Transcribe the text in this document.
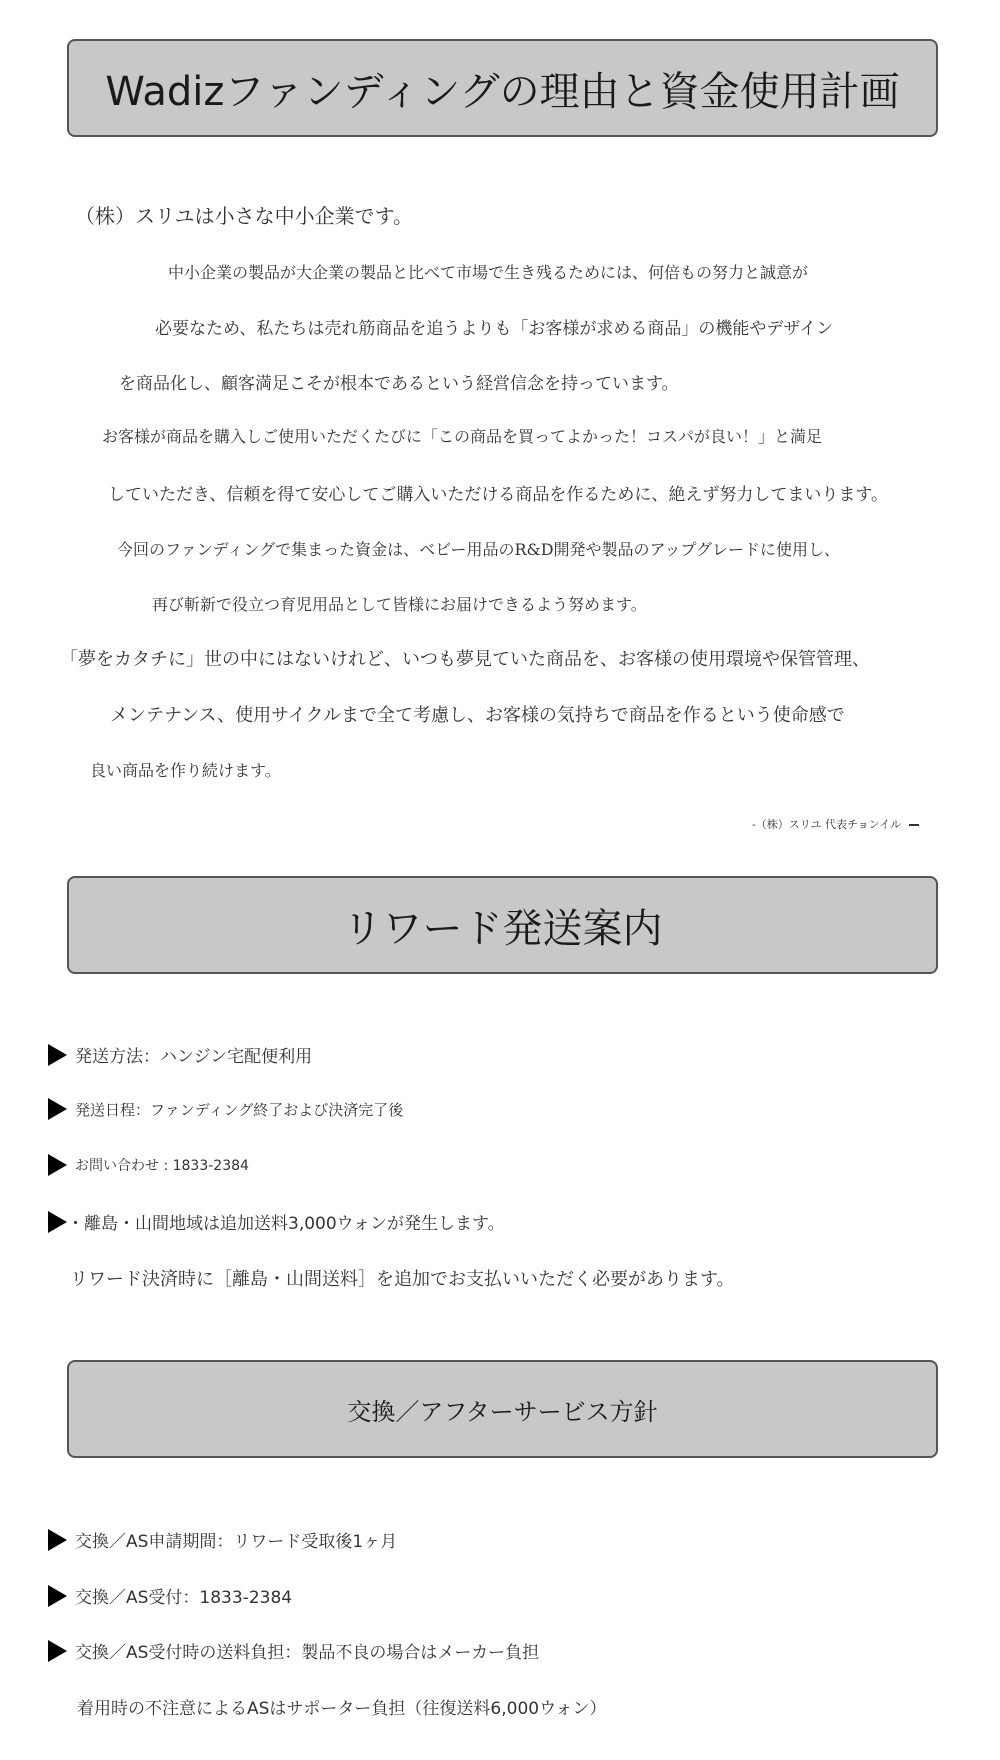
Wadizファンディングの理由と資金使用計画
（株）スリユは小さな中小企業です。
中小企業の製品が大企業の製品と比べて市場で生き残るためには、何倍もの努力と誠意が
必要なため、私たちは売れ筋商品を追うよりも「お客様が求める商品」の機能やデザイン
を商品化し、顧客満足こそが根本であるという経営信念を持っています。
お客様が商品を購入しご使用いただくたびに「この商品を買ってよかった！コスパが良い！」と満足
していただき、信頼を得て安心してご購入いただける商品を作るために、絶えず努力してまいります。
今回のファンディングで集まった資金は、ベビー用品のR&D開発や製品のアップグレードに使用し、
再び斬新で役立つ育児用品として皆様にお届けできるよう努めます。
「夢をカタチに」世の中にはないけれど、いつも夢見ていた商品を、お客様の使用環境や保管管理、
メンテナンス、使用サイクルまで全て考慮し、お客様の気持ちで商品を作るという使命感で
良い商品を作り続けます。
-（株）スリユ 代表チョンイル
リワード発送案内
発送方法：ハンジン宅配便利用
発送日程：ファンディング終了および決済完了後
お問い合わせ : 1833-2384
・離島・山間地域は追加送料3,000ウォンが発生します。
リワード決済時に［離島・山間送料］を追加でお支払いいただく必要があります。
交換／アフターサービス方針
交換／AS申請期間：リワード受取後1ヶ月
交換／AS受付：1833-2384
交換／AS受付時の送料負担：製品不良の場合はメーカー負担
着用時の不注意によるASはサポーター負担（往復送料6,000ウォン）
